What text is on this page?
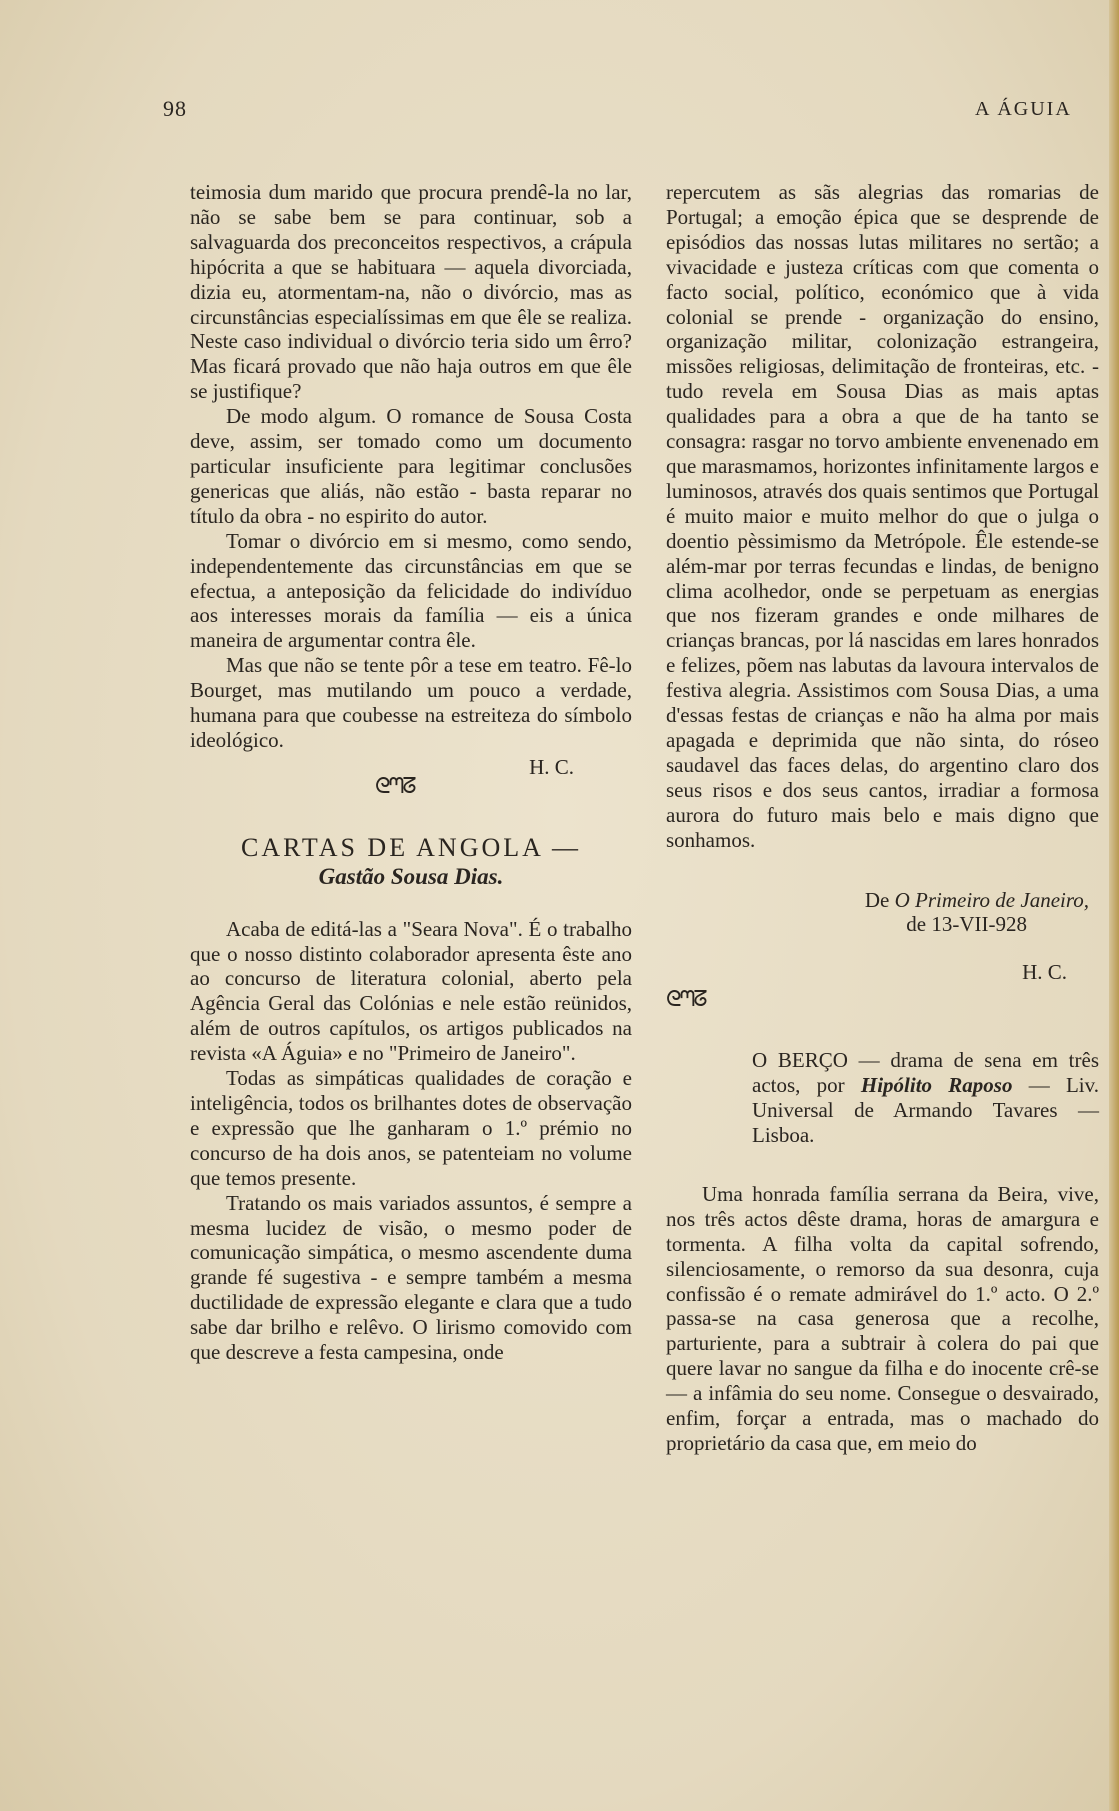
98	A ÁGUIA

teimosia dum marido que procura prendê-la no lar, não se sabe bem se para continuar, sob a salvaguarda dos preconceitos respectivos, a crápula hipócrita a que se habituara — aquela divorciada, dizia eu, atormentam-na, não o divórcio, mas as circunstâncias especialíssimas em que êle se realiza. Neste caso individual o divórcio teria sido um êrro? Mas ficará provado que não haja outros em que êle se justifique?

De modo algum. O romance de Sousa Costa deve, assim, ser tomado como um documento particular insuficiente para legitimar conclusões genericas que aliás, não estão - basta reparar no título da obra - no espirito do autor.

Tomar o divórcio em si mesmo, como sendo, independentemente das circunstâncias em que se efectua, a anteposição da felicidade do indivíduo aos interesses morais da família — eis a única maneira de argumentar contra êle.

Mas que não se tente pôr a tese em teatro. Fê-lo Bourget, mas mutilando um pouco a verdade, humana para que coubesse na estreiteza do símbolo ideológico.

H. C.

ᘓᘉᘔ

CARTAS DE ANGOLA —

Gastão Sousa Dias.

Acaba de editá-las a "Seara Nova". É o trabalho que o nosso distinto colaborador apresenta êste ano ao concurso de literatura colonial, aberto pela Agência Geral das Colónias e nele estão reünidos, além de outros capítulos, os artigos publicados na revista «A Águia» e no "Primeiro de Janeiro".

Todas as simpáticas qualidades de coração e inteligência, todos os brilhantes dotes de observação e expressão que lhe ganharam o 1.º prémio no concurso de ha dois anos, se patenteiam no volume que temos presente.

Tratando os mais variados assuntos, é sempre a mesma lucidez de visão, o mesmo poder de comunicação simpática, o mesmo ascendente duma grande fé sugestiva - e sempre também a mesma ductilidade de expressão elegante e clara que a tudo sabe dar brilho e relêvo. O lirismo comovido com que descreve a festa campesina, onde

repercutem as sãs alegrias das romarias de Portugal; a emoção épica que se desprende de episódios das nossas lutas militares no sertão; a vivacidade e justeza críticas com que comenta o facto social, político, económico que à vida colonial se prende - organização do ensino, organização militar, colonização estrangeira, missões religiosas, delimitação de fronteiras, etc. - tudo revela em Sousa Dias as mais aptas qualidades para a obra a que de ha tanto se consagra: rasgar no torvo ambiente envenenado em que marasmamos, horizontes infinitamente largos e luminosos, através dos quais sentimos que Portugal é muito maior e muito melhor do que o julga o doentio pèssimismo da Metrópole. Êle estende-se além-mar por terras fecundas e lindas, de benigno clima acolhedor, onde se perpetuam as energias que nos fizeram grandes e onde milhares de crianças brancas, por lá nascidas em lares honrados e felizes, põem nas labutas da lavoura intervalos de festiva alegria. Assistimos com Sousa Dias, a uma d'essas festas de crianças e não ha alma por mais apagada e deprimida que não sinta, do róseo saudavel das faces delas, do argentino claro dos seus risos e dos seus cantos, irradiar a formosa aurora do futuro mais belo e mais digno que sonhamos.

De O Primeiro de Janeiro,

de 13-VII-928

H. C.

ᘓᘉᘔ

O BERÇO — drama de sena em três actos, por Hipólito Raposo — Liv. Universal de Armando Tavares — Lisboa.

Uma honrada família serrana da Beira, vive, nos três actos dêste drama, horas de amargura e tormenta. A filha volta da capital sofrendo, silenciosamente, o remorso da sua desonra, cuja confissão é o remate admirável do 1.º acto. O 2.º passa-se na casa generosa que a recolhe, parturiente, para a subtrair à colera do pai que quere lavar no sangue da filha e do inocente crê-se — a infâmia do seu nome. Consegue o desvairado, enfim, forçar a entrada, mas o machado do proprietário da casa que, em meio do
